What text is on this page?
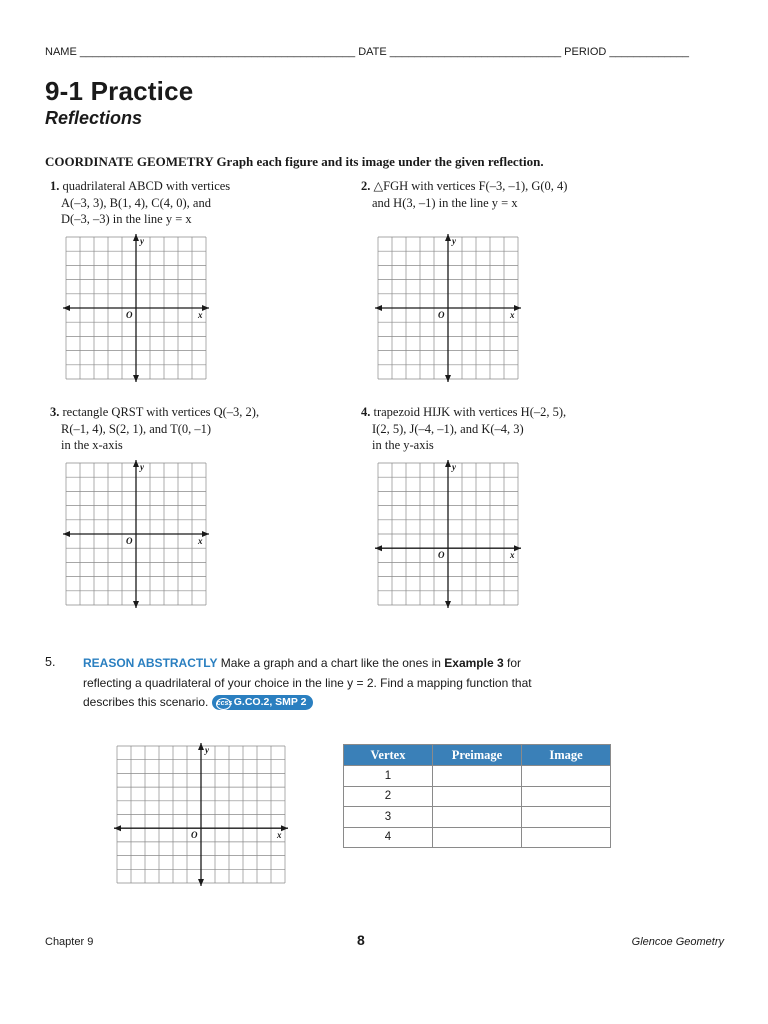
NAME _____________________________________________ DATE ____________________________ PERIOD _____________
9-1 Practice
Reflections
COORDINATE GEOMETRY Graph each figure and its image under the given reflection.
1. quadrilateral ABCD with vertices
A(–3, 3), B(1, 4), C(4, 0), and
D(–3, –3) in the line y = x
2. △FGH with vertices F(–3, –1), G(0, 4)
and H(3, –1) in the line y = x
3. rectangle QRST with vertices Q(–3, 2),
R(–1, 4), S(2, 1), and T(0, –1)
in the x-axis
4. trapezoid HIJK with vertices H(–2, 5),
I(2, 5), J(–4, –1), and K(–4, 3)
in the y-axis
O	x
y
O	x
y
O	x
y
O	x
y
5. REASON ABSTRACTLY Make a graph and a chart like the ones in Example 3 for reflecting a quadrilateral of your choice in the line y = 2. Find a mapping function that describes this scenario. ccssG.CO.2, SMP 2
O	x
y	Vertex	Preimage	Image
1		
2		
3		
4		
Chapter 9	8	Glencoe Geometry
